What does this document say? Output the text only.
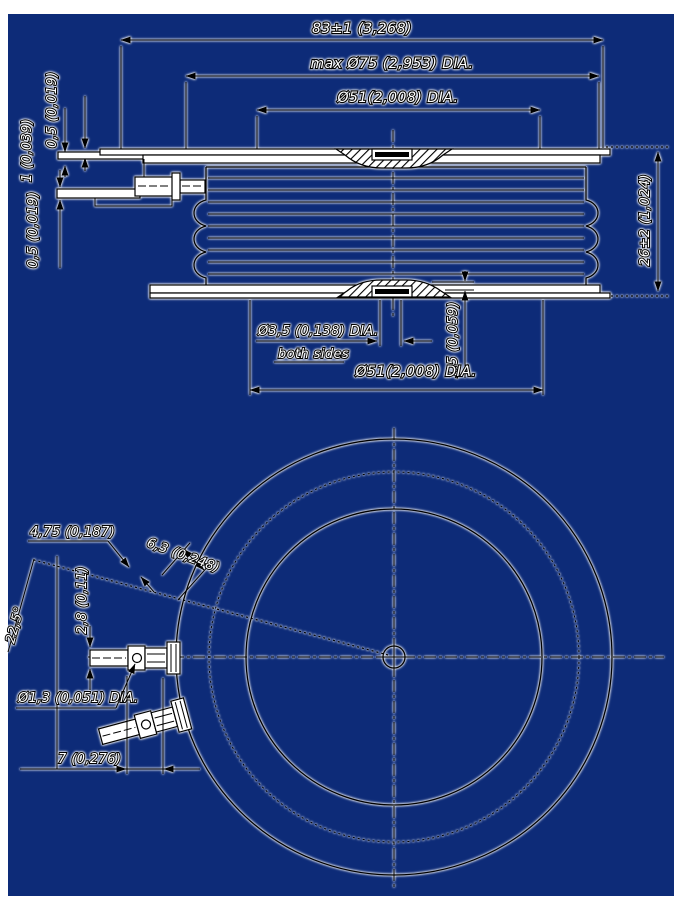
83±1 (3,268)
max Ø75 (2,953) DIA.
Ø51(2,008) DIA.
0,5 (0,019)
1 (0,039)
0,5 (0,019)	26±2 (1,024)
Ø3,5 (0,138) DIA.
both sides	1,5 (0,059)
Ø51(2,008) DIA.
4,75 (0,187)
6,3 (0,248)
2,8 (0,11)
22,5°
Ø1,3 (0,051) DIA.
7 (0,276)
